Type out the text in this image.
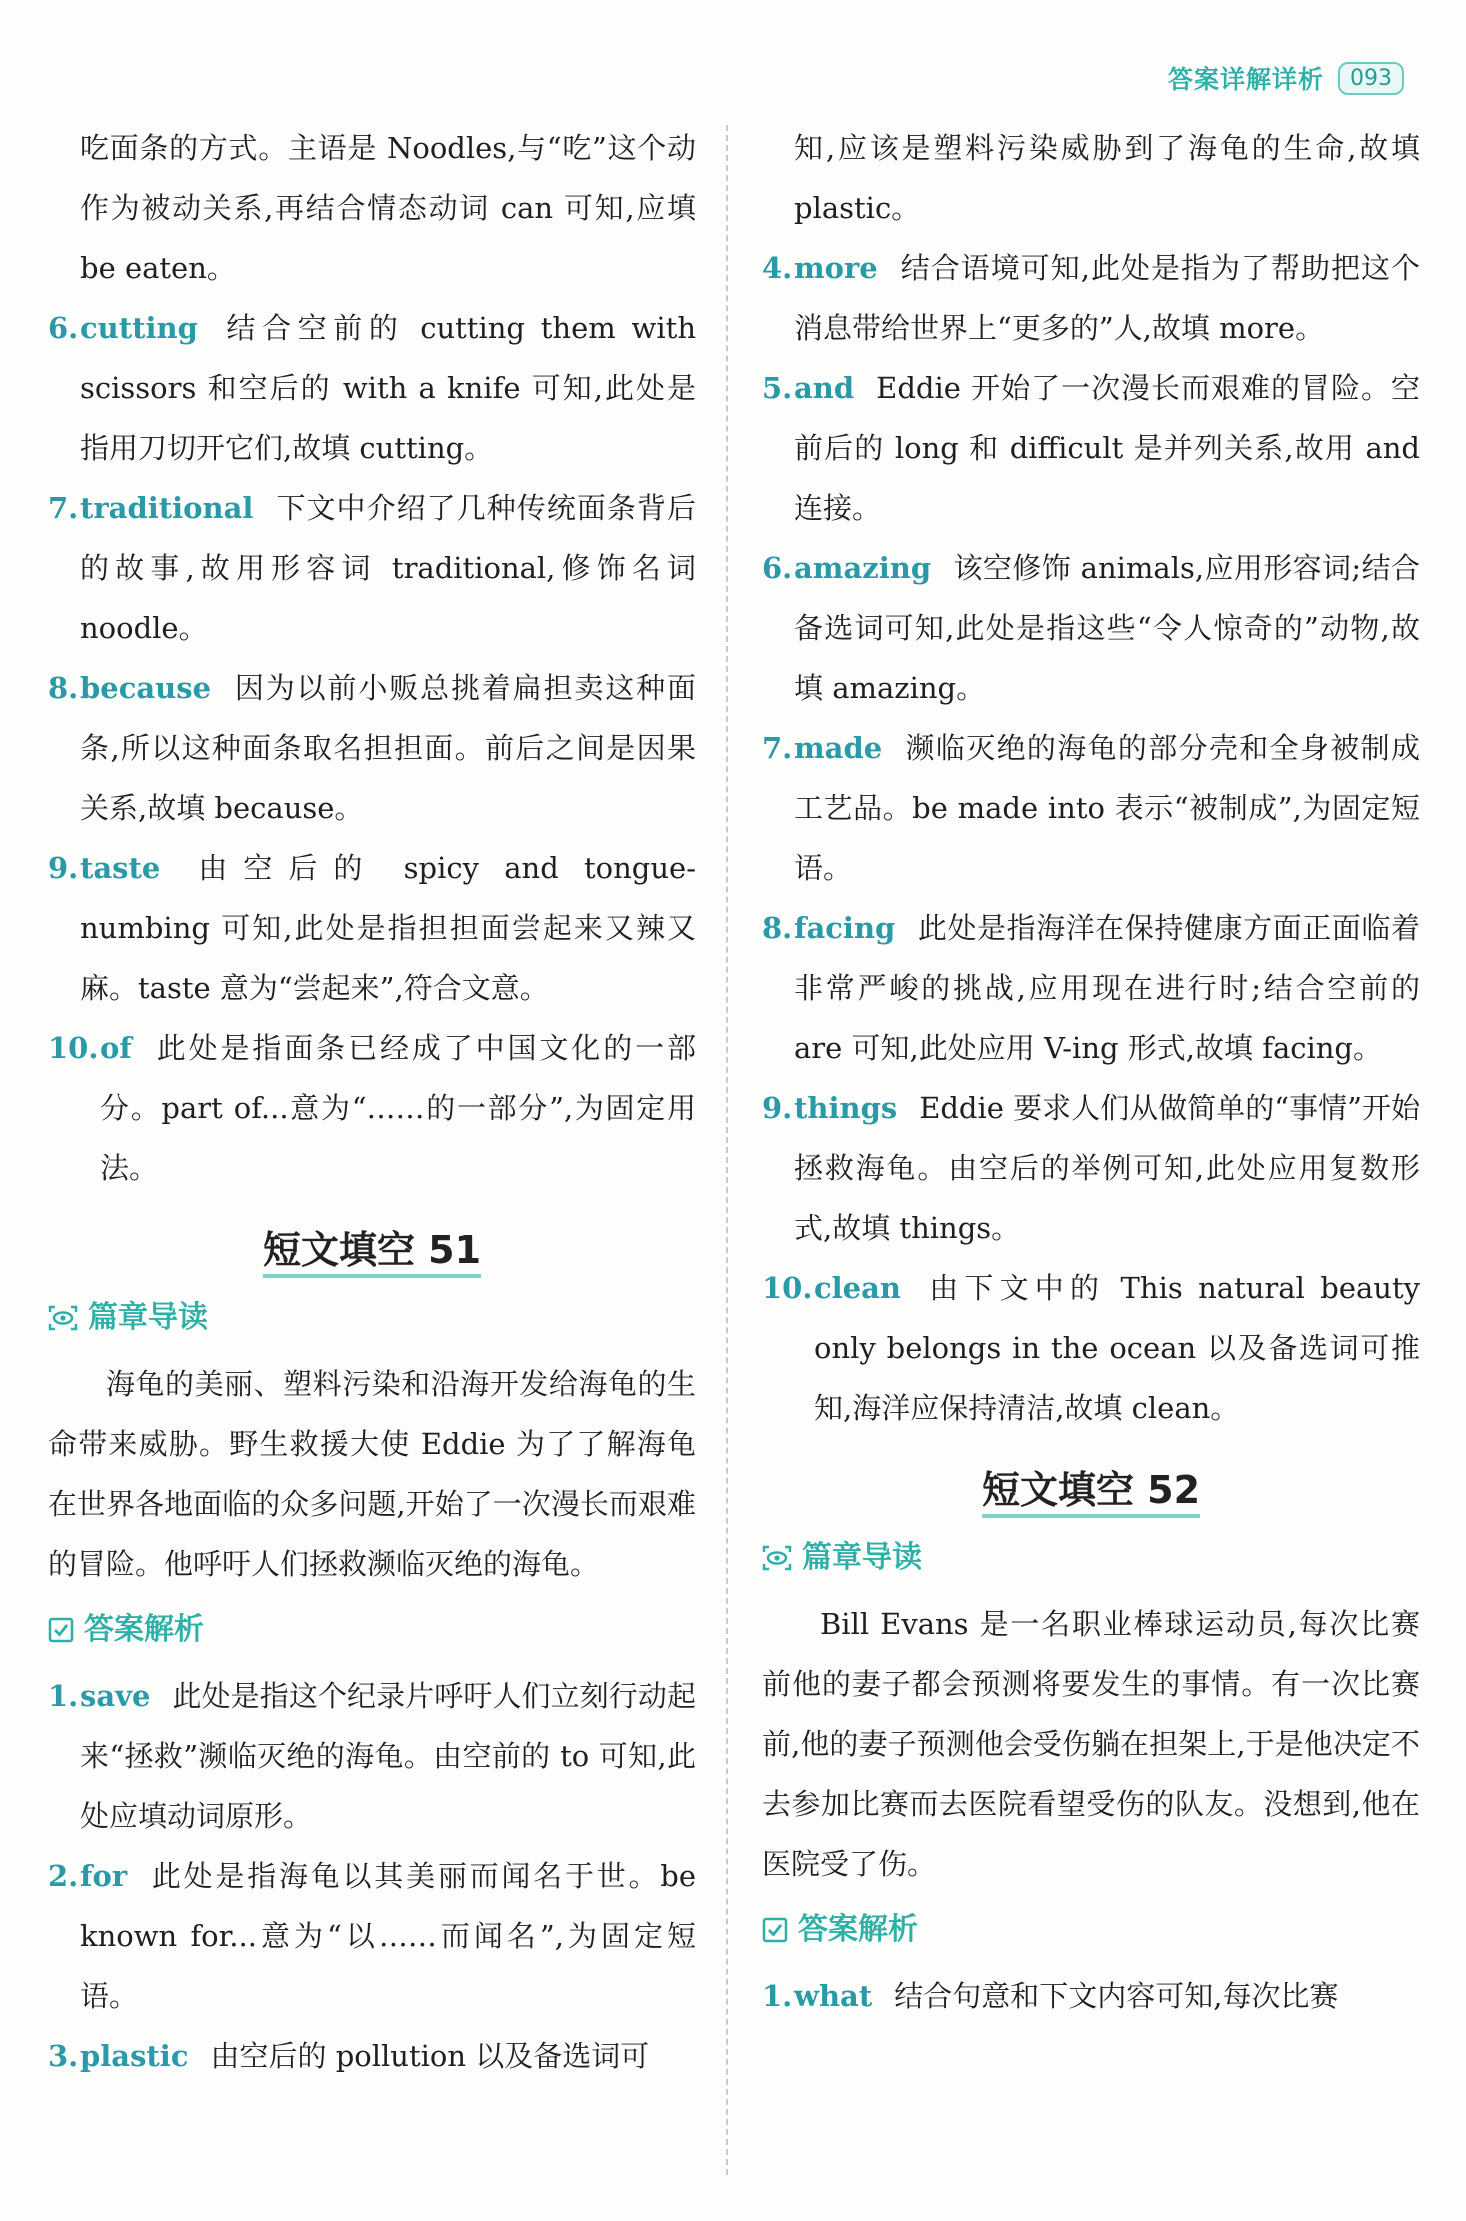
答案详解详析	093

吃面条的方式。主语是 Noodles,与“吃”这个动作为被动关系,再结合情态动词 can 可知,应填 be eaten。

6. cutting 结合空前的 cutting them with scissors 和空后的 with a knife 可知,此处是指用刀切开它们,故填 cutting。
7. traditional 下文中介绍了几种传统面条背后的故事,故用形容词 traditional,修饰名词 noodle。
8. because 因为以前小贩总挑着扁担卖这种面条,所以这种面条取名担担面。前后之间是因果关系,故填 because。
9. taste 由空后的 spicy and tongue-numbing 可知,此处是指担担面尝起来又辣又麻。taste 意为“尝起来”,符合文意。
10. of 此处是指面条已经成了中国文化的一部分。part of...意为“……的一部分”,为固定用法。
短文填空 51
篇章导读

海龟的美丽、塑料污染和沿海开发给海龟的生命带来威胁。野生救援大使 Eddie 为了了解海龟在世界各地面临的众多问题,开始了一次漫长而艰难的冒险。他呼吁人们拯救濒临灭绝的海龟。

答案解析
1. save 此处是指这个纪录片呼吁人们立刻行动起来“拯救”濒临灭绝的海龟。由空前的 to 可知,此处应填动词原形。
2. for 此处是指海龟以其美丽而闻名于世。be known for...意为“以……而闻名”,为固定短语。
3. plastic 由空后的 pollution 以及备选词可

知,应该是塑料污染威胁到了海龟的生命,故填 plastic。

4. more 结合语境可知,此处是指为了帮助把这个消息带给世界上“更多的”人,故填 more。
5. and Eddie 开始了一次漫长而艰难的冒险。空前后的 long 和 difficult 是并列关系,故用 and 连接。
6. amazing 该空修饰 animals,应用形容词;结合备选词可知,此处是指这些“令人惊奇的”动物,故填 amazing。
7. made 濒临灭绝的海龟的部分壳和全身被制成工艺品。be made into 表示“被制成”,为固定短语。
8. facing 此处是指海洋在保持健康方面正面临着非常严峻的挑战,应用现在进行时;结合空前的 are 可知,此处应用 V-ing 形式,故填 facing。
9. things Eddie 要求人们从做简单的“事情”开始拯救海龟。由空后的举例可知,此处应用复数形式,故填 things。
10. clean 由下文中的 This natural beauty only belongs in the ocean 以及备选词可推知,海洋应保持清洁,故填 clean。
短文填空 52
篇章导读

Bill Evans 是一名职业棒球运动员,每次比赛前他的妻子都会预测将要发生的事情。有一次比赛前,他的妻子预测他会受伤躺在担架上,于是他决定不去参加比赛而去医院看望受伤的队友。没想到,他在医院受了伤。

答案解析
1. what 结合句意和下文内容可知,每次比赛
